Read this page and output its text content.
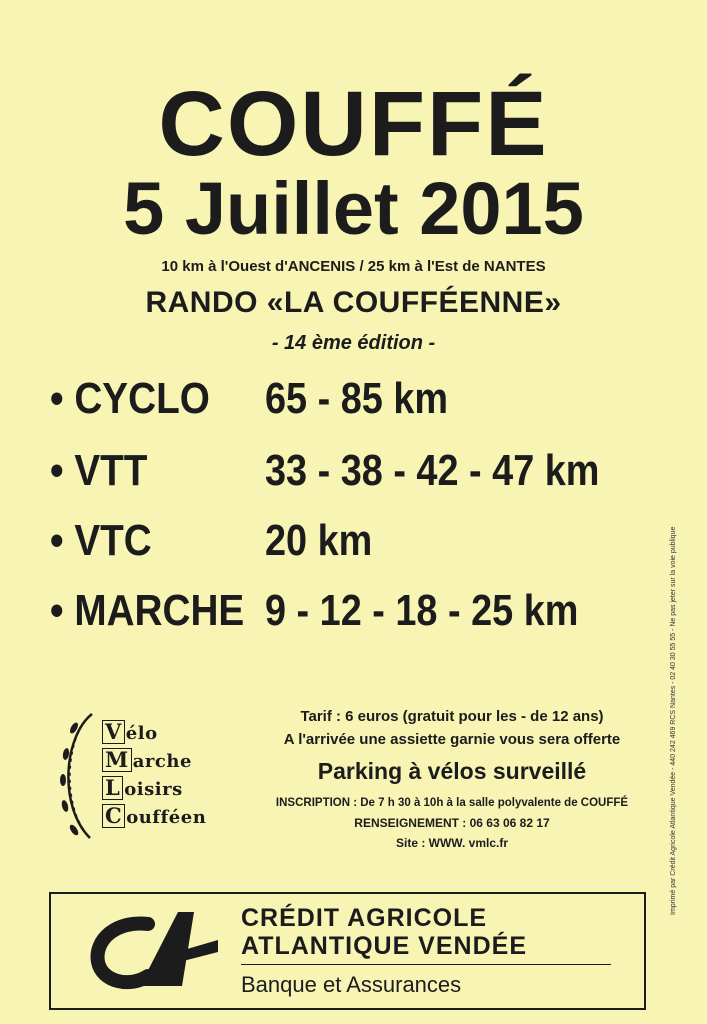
COUFFÉ
5 Juillet 2015
10 km à l'Ouest d'ANCENIS / 25 km à l'Est de NANTES
RANDO «LA COUFFÉENNE»
- 14 ème édition -
• CYCLO 65 - 85 km
• VTT	33 - 38 - 42 - 47 km
• VTC	20 km
• MARCHE 9 - 12 - 18 - 25 km
V élo
M arche
L oisirs
C oufféen
Tarif : 6 euros (gratuit pour les - de 12 ans)
A l'arrivée une assiette garnie vous sera offerte
Parking à vélos surveillé
INSCRIPTION : De 7 h 30 à 10h à la salle polyvalente de COUFFÉ
RENSEIGNEMENT : 06 63 06 82 17
Site : WWW. vmlc.fr
CRÉDIT AGRICOLE
ATLANTIQUE VENDÉE
Banque et Assurances
Imprimé par Crédit Agricole Atlantique Vendée - 440 242 469 RCS Nantes - 02 40 30 55 55 - Ne pas jeter sur la voie publique
